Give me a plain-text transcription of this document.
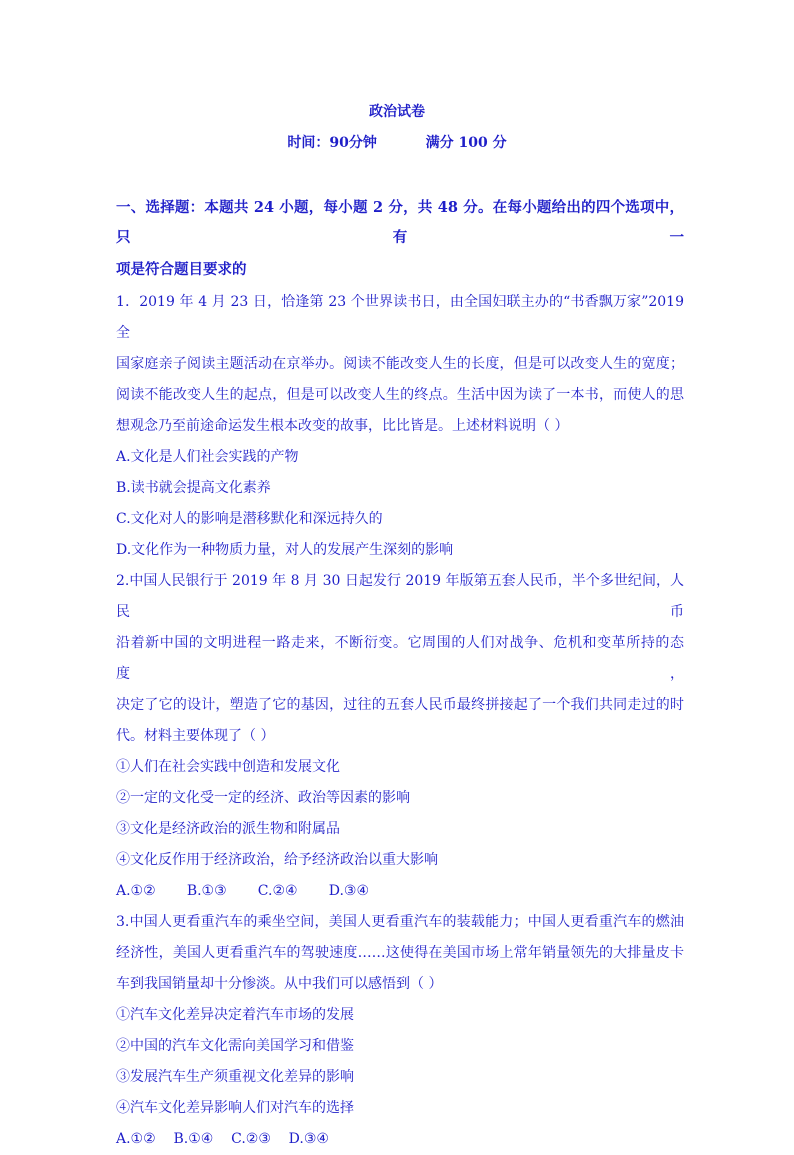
政治试卷
时间：90分钟          满分 100 分
一、选择题：本题共 24 小题，每小题 2 分，共 48 分。在每小题给出的四个选项中，只有一
项是符合题目要求的
1．2019 年 4 月 23 日，恰逢第 23 个世界读书日，由全国妇联主办的“书香飘万家”2019 全
国家庭亲子阅读主题活动在京举办。阅读不能改变人生的长度，但是可以改变人生的宽度；
阅读不能改变人生的起点，但是可以改变人生的终点。生活中因为读了一本书，而使人的思
想观念乃至前途命运发生根本改变的故事，比比皆是。上述材料说明（ ）
A.文化是人们社会实践的产物
B.读书就会提高文化素养
C.文化对人的影响是潜移默化和深远持久的
D.文化作为一种物质力量，对人的发展产生深刻的影响
2.中国人民银行于 2019 年 8 月 30 日起发行 2019 年版第五套人民币，半个多世纪间，人民币
沿着新中国的文明进程一路走来，不断衍变。它周围的人们对战争、危机和变革所持的态度，
决定了它的设计，塑造了它的基因，过往的五套人民币最终拼接起了一个我们共同走过的时
代。材料主要体现了（ ）
①人们在社会实践中创造和发展文化
②一定的文化受一定的经济、政治等因素的影响
③文化是经济政治的派生物和附属品
④文化反作用于经济政治，给予经济政治以重大影响
A.①②       B.①③       C.②④       D.③④
3.中国人更看重汽车的乘坐空间，美国人更看重汽车的装载能力；中国人更看重汽车的燃油
经济性，美国人更看重汽车的驾驶速度……这使得在美国市场上常年销量领先的大排量皮卡
车到我国销量却十分惨淡。从中我们可以感悟到（ ）
①汽车文化差异决定着汽车市场的发展
②中国的汽车文化需向美国学习和借鉴
③发展汽车生产须重视文化差异的影响
④汽车文化差异影响人们对汽车的选择
A.①②    B.①④    C.②③    D.③④
